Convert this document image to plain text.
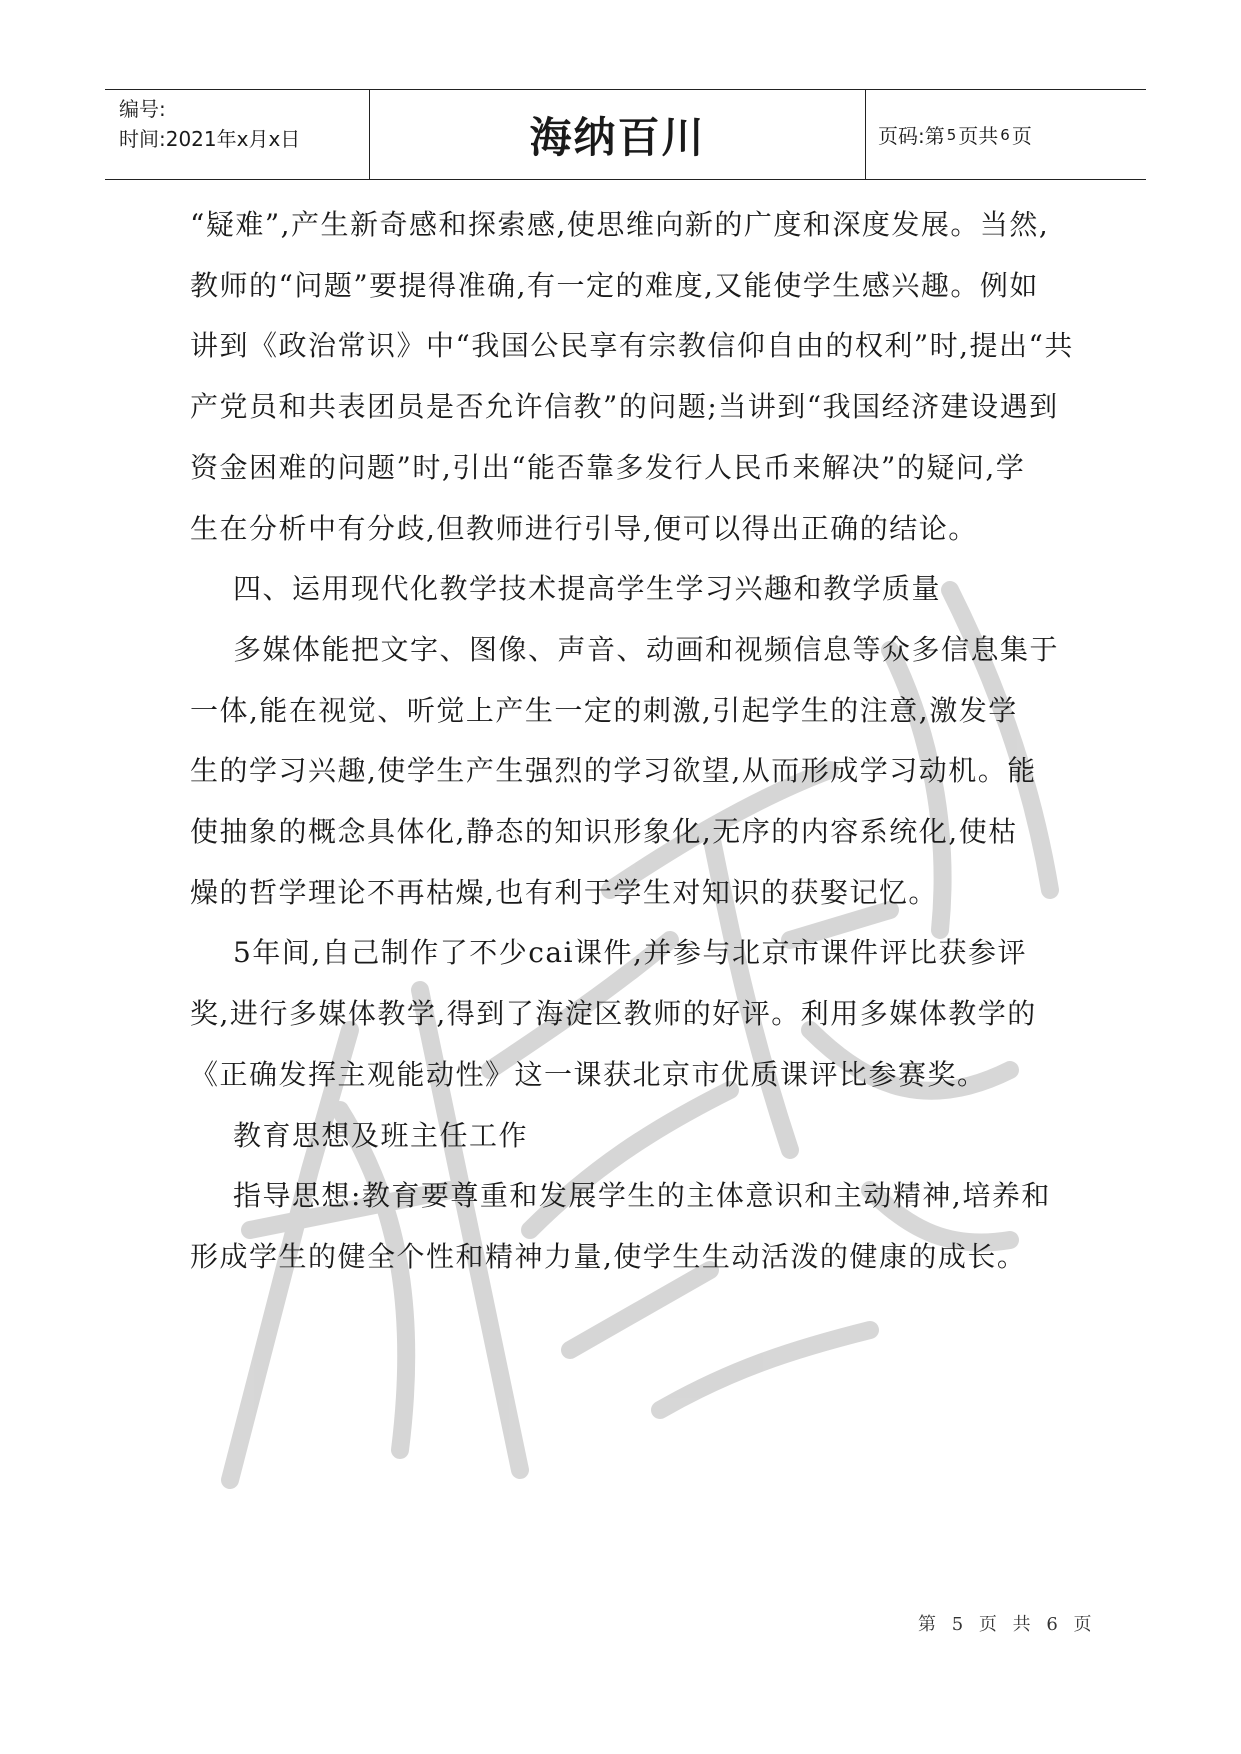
编号:
时间:2021年x月x日	海纳百川	页码:第 5 页共 6 页
“疑难”,产生新奇感和探索感,使思维向新的广度和深度发展。当然,
教师的“问题”要提得准确,有一定的难度,又能使学生感兴趣。例如
讲到《政治常识》中“我国公民享有宗教信仰自由的权利”时,提出“共
产党员和共表团员是否允许信教”的问题;当讲到“我国经济建设遇到
资金困难的问题”时,引出“能否靠多发行人民币来解决”的疑问,学
生在分析中有分歧,但教师进行引导,便可以得出正确的结论。
四、运用现代化教学技术提高学生学习兴趣和教学质量
多媒体能把文字、图像、声音、动画和视频信息等众多信息集于
一体,能在视觉、听觉上产生一定的刺激,引起学生的注意,激发学
生的学习兴趣,使学生产生强烈的学习欲望,从而形成学习动机。能
使抽象的概念具体化,静态的知识形象化,无序的内容系统化,使枯
燥的哲学理论不再枯燥,也有利于学生对知识的获娶记忆。
5年间,自己制作了不少cai课件,并参与北京市课件评比获参评
奖,进行多媒体教学,得到了海淀区教师的好评。利用多媒体教学的
《正确发挥主观能动性》这一课获北京市优质课评比参赛奖。
教育思想及班主任工作
指导思想:教育要尊重和发展学生的主体意识和主动精神,培养和
形成学生的健全个性和精神力量,使学生生动活泼的健康的成长。
第 5 页 共 6 页
